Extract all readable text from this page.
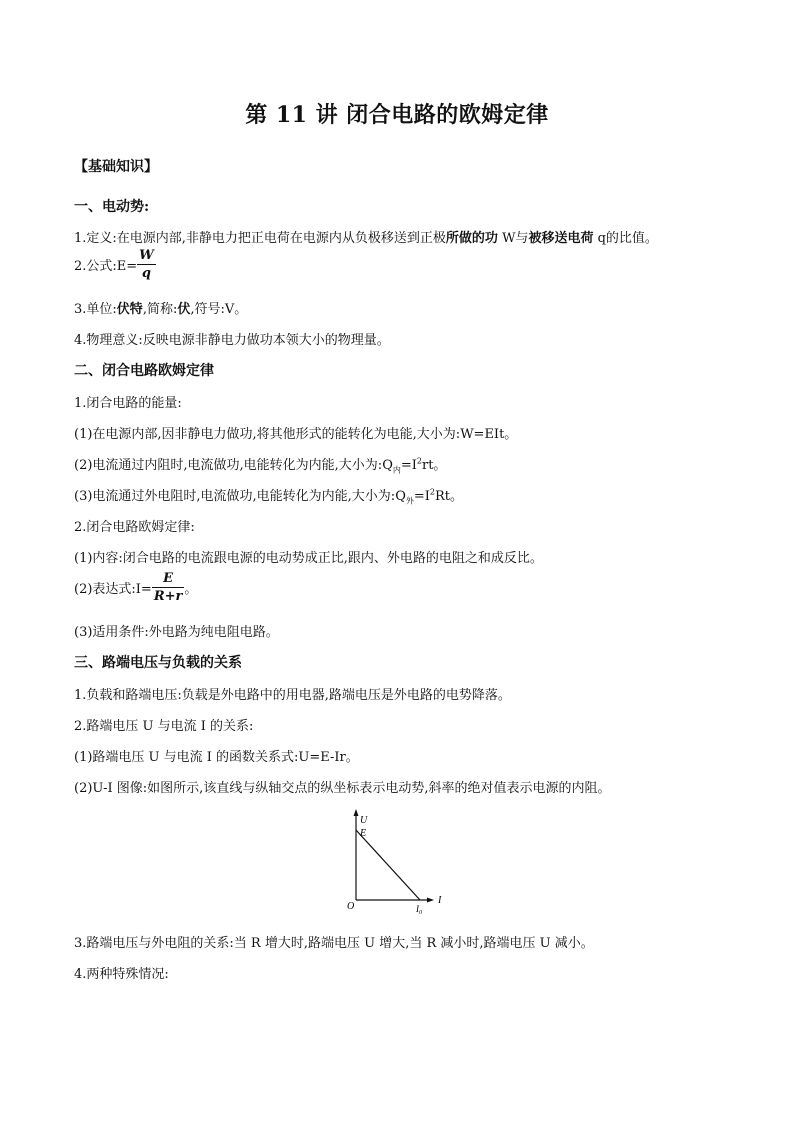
第 11 讲 闭合电路的欧姆定律
【基础知识】
一、电动势:
1.定义:在电源内部,非静电力把正电荷在电源内从负极移送到正极所做的功 W与被移送电荷 q的比值。
2.公式:E= $\frac{W}{q}$
3.单位:伏特,简称:伏,符号:V。
4.物理意义:反映电源非静电力做功本领大小的物理量。
二、闭合电路欧姆定律
1.闭合电路的能量:
(1)在电源内部,因非静电力做功,将其他形式的能转化为电能,大小为:W=EIt。
(2)电流通过内阻时,电流做功,电能转化为内能,大小为$:Q_内=I^2rt$。
(3)电流通过外电阻时,电流做功,电能转化为内能,大小为$:Q_外=I^2Rt$。
2.闭合电路欧姆定律:
(1)内容:闭合电路的电流跟电源的电动势成正比,跟内、外电路的电阻之和成反比。
(2)表达式:I= $\frac{E}{R+r}$ 。
(3)适用条件:外电路为纯电阻电路。
三、路端电压与负载的关系
1.负载和路端电压:负载是外电路中的用电器,路端电压是外电路的电势降落。
2.路端电压 U 与电流 I 的关系:
(1)路端电压 U 与电流 I 的函数关系式:U=E-Ir。
(2)U-I 图像:如图所示,该直线与纵轴交点的纵坐标表示电动势,斜率的绝对值表示电源的内阻。
U
E
O	$I_0$
I
3.路端电压与外电阻的关系:当 R 增大时,路端电压 U 增大,当 R 减小时,路端电压 U 减小。
4.两种特殊情况:
